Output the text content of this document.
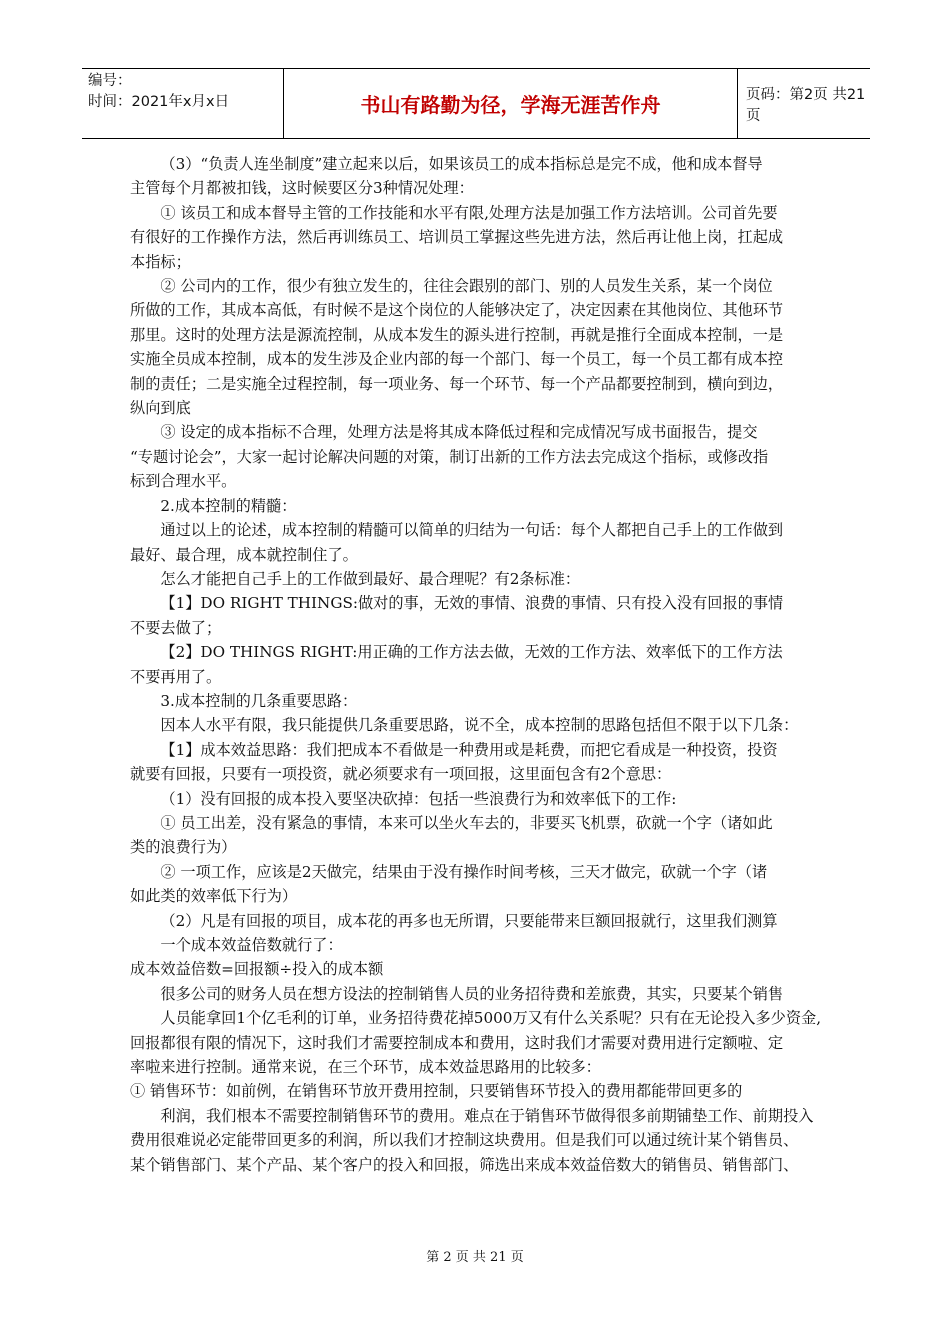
编号：
时间：2021年x月x日	书山有路勤为径，学海无涯苦作舟	页码：第2页 共21页

（3）“负责人连坐制度”建立起来以后，如果该员工的成本指标总是完不成，他和成本督导

主管每个月都被扣钱，这时候要区分3种情况处理：

① 该员工和成本督导主管的工作技能和水平有限,处理方法是加强工作方法培训。公司首先要

有很好的工作操作方法，然后再训练员工、培训员工掌握这些先进方法，然后再让他上岗，扛起成

本指标；

② 公司内的工作，很少有独立发生的，往往会跟别的部门、别的人员发生关系，某一个岗位

所做的工作，其成本高低，有时候不是这个岗位的人能够决定了，决定因素在其他岗位、其他环节

那里。这时的处理方法是源流控制，从成本发生的源头进行控制，再就是推行全面成本控制，一是

实施全员成本控制，成本的发生涉及企业内部的每一个部门、每一个员工，每一个员工都有成本控

制的责任；二是实施全过程控制，每一项业务、每一个环节、每一个产品都要控制到，横向到边，

纵向到底

③ 设定的成本指标不合理，处理方法是将其成本降低过程和完成情况写成书面报告，提交

“专题讨论会”，大家一起讨论解决问题的对策，制订出新的工作方法去完成这个指标，或修改指

标到合理水平。

2.成本控制的精髓：

通过以上的论述，成本控制的精髓可以简单的归结为一句话：每个人都把自己手上的工作做到

最好、最合理，成本就控制住了。

怎么才能把自己手上的工作做到最好、最合理呢？有2条标准：

【1】DO RIGHT THINGS:做对的事，无效的事情、浪费的事情、只有投入没有回报的事情

不要去做了；

【2】DO THINGS RIGHT:用正确的工作方法去做，无效的工作方法、效率低下的工作方法

不要再用了。

3.成本控制的几条重要思路：

因本人水平有限，我只能提供几条重要思路，说不全，成本控制的思路包括但不限于以下几条：

【1】成本效益思路：我们把成本不看做是一种费用或是耗费，而把它看成是一种投资，投资

就要有回报，只要有一项投资，就必须要求有一项回报，这里面包含有2个意思：

（1）没有回报的成本投入要坚决砍掉：包括一些浪费行为和效率低下的工作:

① 员工出差，没有紧急的事情，本来可以坐火车去的，非要买飞机票，砍就一个字（诸如此

类的浪费行为）

② 一项工作，应该是2天做完，结果由于没有操作时间考核，三天才做完，砍就一个字（诸

如此类的效率低下行为）

（2）凡是有回报的项目，成本花的再多也无所谓，只要能带来巨额回报就行，这里我们测算

一个成本效益倍数就行了：

成本效益倍数=回报额÷投入的成本额

很多公司的财务人员在想方设法的控制销售人员的业务招待费和差旅费，其实，只要某个销售

人员能拿回1个亿毛利的订单，业务招待费花掉5000万又有什么关系呢？只有在无论投入多少资金,

回报都很有限的情况下，这时我们才需要控制成本和费用，这时我们才需要对费用进行定额啦、定

率啦来进行控制。通常来说，在三个环节，成本效益思路用的比较多：

① 销售环节：如前例，在销售环节放开费用控制，只要销售环节投入的费用都能带回更多的

利润，我们根本不需要控制销售环节的费用。难点在于销售环节做得很多前期铺垫工作、前期投入

费用很难说必定能带回更多的利润，所以我们才控制这块费用。但是我们可以通过统计某个销售员、

某个销售部门、某个产品、某个客户的投入和回报，筛选出来成本效益倍数大的销售员、销售部门、

第 2 页 共 21 页
